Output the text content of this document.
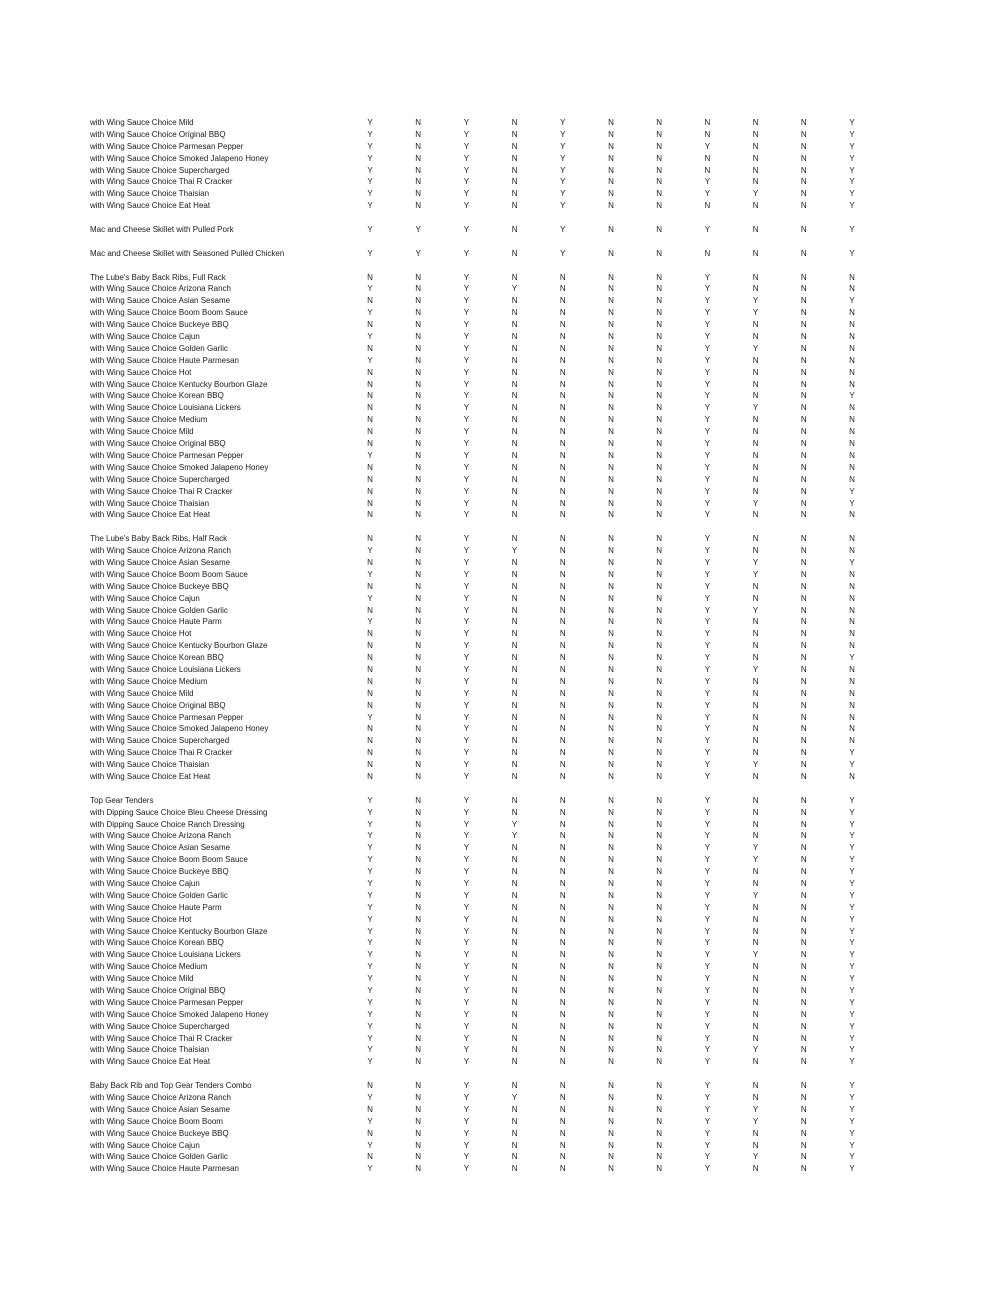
with Wing Sauce Choice Mild	Y	N	Y	N	Y	N	N	N	N	N	Y
with Wing Sauce Choice Original BBQ	Y	N	Y	N	Y	N	N	N	N	N	Y
with Wing Sauce Choice Parmesan Pepper	Y	N	Y	N	Y	N	N	Y	N	N	Y
with Wing Sauce Choice Smoked Jalapeno Honey	Y	N	Y	N	Y	N	N	N	N	N	Y
with Wing Sauce Choice Supercharged	Y	N	Y	N	Y	N	N	N	N	N	Y
with Wing Sauce Choice Thai R Cracker	Y	N	Y	N	Y	N	N	Y	N	N	Y
with Wing Sauce Choice Thaisian	Y	N	Y	N	Y	N	N	Y	Y	N	Y
with Wing Sauce Choice Eat Heat	Y	N	Y	N	Y	N	N	N	N	N	Y
Mac and Cheese Skillet with Pulled Pork	Y	Y	Y	N	Y	N	N	Y	N	N	Y
Mac and Cheese Skillet with Seasoned Pulled Chicken	Y	Y	Y	N	Y	N	N	N	N	N	Y
The Lube's Baby Back Ribs, Full Rack	N	N	Y	N	N	N	N	Y	N	N	N
with Wing Sauce Choice Arizona Ranch	Y	N	Y	Y	N	N	N	Y	N	N	N
with Wing Sauce Choice Asian Sesame	N	N	Y	N	N	N	N	Y	Y	N	Y
with Wing Sauce Choice Boom Boom Sauce	Y	N	Y	N	N	N	N	Y	Y	N	N
with Wing Sauce Choice Buckeye BBQ	N	N	Y	N	N	N	N	Y	N	N	N
with Wing Sauce Choice Cajun	Y	N	Y	N	N	N	N	Y	N	N	N
with Wing Sauce Choice Golden Garlic	N	N	Y	N	N	N	N	Y	Y	N	N
with Wing Sauce Choice Haute Parmesan	Y	N	Y	N	N	N	N	Y	N	N	N
with Wing Sauce Choice Hot	N	N	Y	N	N	N	N	Y	N	N	N
with Wing Sauce Choice Kentucky Bourbon Glaze	N	N	Y	N	N	N	N	Y	N	N	N
with Wing Sauce Choice Korean BBQ	N	N	Y	N	N	N	N	Y	N	N	Y
with Wing Sauce Choice Louisiana Lickers	N	N	Y	N	N	N	N	Y	Y	N	N
with Wing Sauce Choice Medium	N	N	Y	N	N	N	N	Y	N	N	N
with Wing Sauce Choice Mild	N	N	Y	N	N	N	N	Y	N	N	N
with Wing Sauce Choice Original BBQ	N	N	Y	N	N	N	N	Y	N	N	N
with Wing Sauce Choice Parmesan Pepper	Y	N	Y	N	N	N	N	Y	N	N	N
with Wing Sauce Choice Smoked Jalapeno Honey	N	N	Y	N	N	N	N	Y	N	N	N
with Wing Sauce Choice Supercharged	N	N	Y	N	N	N	N	Y	N	N	N
with Wing Sauce Choice Thai R Cracker	N	N	Y	N	N	N	N	Y	N	N	Y
with Wing Sauce Choice Thaisian	N	N	Y	N	N	N	N	Y	Y	N	Y
with Wing Sauce Choice Eat Heat	N	N	Y	N	N	N	N	Y	N	N	N
The Lube's Baby Back Ribs, Half Rack	N	N	Y	N	N	N	N	Y	N	N	N
with Wing Sauce Choice Arizona Ranch	Y	N	Y	Y	N	N	N	Y	N	N	N
with Wing Sauce Choice Asian Sesame	N	N	Y	N	N	N	N	Y	Y	N	Y
with Wing Sauce Choice Boom Boom Sauce	Y	N	Y	N	N	N	N	Y	Y	N	N
with Wing Sauce Choice Buckeye BBQ	N	N	Y	N	N	N	N	Y	N	N	N
with Wing Sauce Choice Cajun	Y	N	Y	N	N	N	N	Y	N	N	N
with Wing Sauce Choice Golden Garlic	N	N	Y	N	N	N	N	Y	Y	N	N
with Wing Sauce Choice Haute Parm	Y	N	Y	N	N	N	N	Y	N	N	N
with Wing Sauce Choice Hot	N	N	Y	N	N	N	N	Y	N	N	N
with Wing Sauce Choice Kentucky Bourbon Glaze	N	N	Y	N	N	N	N	Y	N	N	N
with Wing Sauce Choice Korean BBQ	N	N	Y	N	N	N	N	Y	N	N	Y
with Wing Sauce Choice Louisiana Lickers	N	N	Y	N	N	N	N	Y	Y	N	N
with Wing Sauce Choice Medium	N	N	Y	N	N	N	N	Y	N	N	N
with Wing Sauce Choice Mild	N	N	Y	N	N	N	N	Y	N	N	N
with Wing Sauce Choice Original BBQ	N	N	Y	N	N	N	N	Y	N	N	N
with Wing Sauce Choice Parmesan Pepper	Y	N	Y	N	N	N	N	Y	N	N	N
with Wing Sauce Choice Smoked Jalapeno Honey	N	N	Y	N	N	N	N	Y	N	N	N
with Wing Sauce Choice Supercharged	N	N	Y	N	N	N	N	Y	N	N	N
with Wing Sauce Choice Thai R Cracker	N	N	Y	N	N	N	N	Y	N	N	Y
with Wing Sauce Choice Thaisian	N	N	Y	N	N	N	N	Y	Y	N	Y
with Wing Sauce Choice Eat Heat	N	N	Y	N	N	N	N	Y	N	N	N
Top Gear Tenders	Y	N	Y	N	N	N	N	Y	N	N	Y
with Dipping Sauce Choice Bleu Cheese Dressing	Y	N	Y	N	N	N	N	Y	N	N	Y
with Dipping Sauce Choice Ranch Dressing	Y	N	Y	Y	N	N	N	Y	N	N	Y
with Wing Sauce Choice Arizona Ranch	Y	N	Y	Y	N	N	N	Y	N	N	Y
with Wing Sauce Choice Asian Sesame	Y	N	Y	N	N	N	N	Y	Y	N	Y
with Wing Sauce Choice Boom Boom Sauce	Y	N	Y	N	N	N	N	Y	Y	N	Y
with Wing Sauce Choice Buckeye BBQ	Y	N	Y	N	N	N	N	Y	N	N	Y
with Wing Sauce Choice Cajun	Y	N	Y	N	N	N	N	Y	N	N	Y
with Wing Sauce Choice Golden Garlic	Y	N	Y	N	N	N	N	Y	Y	N	Y
with Wing Sauce Choice Haute Parm	Y	N	Y	N	N	N	N	Y	N	N	Y
with Wing Sauce Choice Hot	Y	N	Y	N	N	N	N	Y	N	N	Y
with Wing Sauce Choice Kentucky Bourbon Glaze	Y	N	Y	N	N	N	N	Y	N	N	Y
with Wing Sauce Choice Korean BBQ	Y	N	Y	N	N	N	N	Y	N	N	Y
with Wing Sauce Choice Louisiana Lickers	Y	N	Y	N	N	N	N	Y	Y	N	Y
with Wing Sauce Choice Medium	Y	N	Y	N	N	N	N	Y	N	N	Y
with Wing Sauce Choice Mild	Y	N	Y	N	N	N	N	Y	N	N	Y
with Wing Sauce Choice Original BBQ	Y	N	Y	N	N	N	N	Y	N	N	Y
with Wing Sauce Choice Parmesan Pepper	Y	N	Y	N	N	N	N	Y	N	N	Y
with Wing Sauce Choice Smoked Jalapeno Honey	Y	N	Y	N	N	N	N	Y	N	N	Y
with Wing Sauce Choice Supercharged	Y	N	Y	N	N	N	N	Y	N	N	Y
with Wing Sauce Choice Thai R Cracker	Y	N	Y	N	N	N	N	Y	N	N	Y
with Wing Sauce Choice Thaisian	Y	N	Y	N	N	N	N	Y	Y	N	Y
with Wing Sauce Choice Eat Heat	Y	N	Y	N	N	N	N	Y	N	N	Y
Baby Back Rib and Top Gear Tenders Combo	N	N	Y	N	N	N	N	Y	N	N	Y
with Wing Sauce Choice Arizona Ranch	Y	N	Y	Y	N	N	N	Y	N	N	Y
with Wing Sauce Choice Asian Sesame	N	N	Y	N	N	N	N	Y	Y	N	Y
with Wing Sauce Choice Boom Boom	Y	N	Y	N	N	N	N	Y	Y	N	Y
with Wing Sauce Choice Buckeye BBQ	N	N	Y	N	N	N	N	Y	N	N	Y
with Wing Sauce Choice Cajun	Y	N	Y	N	N	N	N	Y	N	N	Y
with Wing Sauce Choice Golden Garlic	N	N	Y	N	N	N	N	Y	Y	N	Y
with Wing Sauce Choice Haute Parmesan	Y	N	Y	N	N	N	N	Y	N	N	Y
